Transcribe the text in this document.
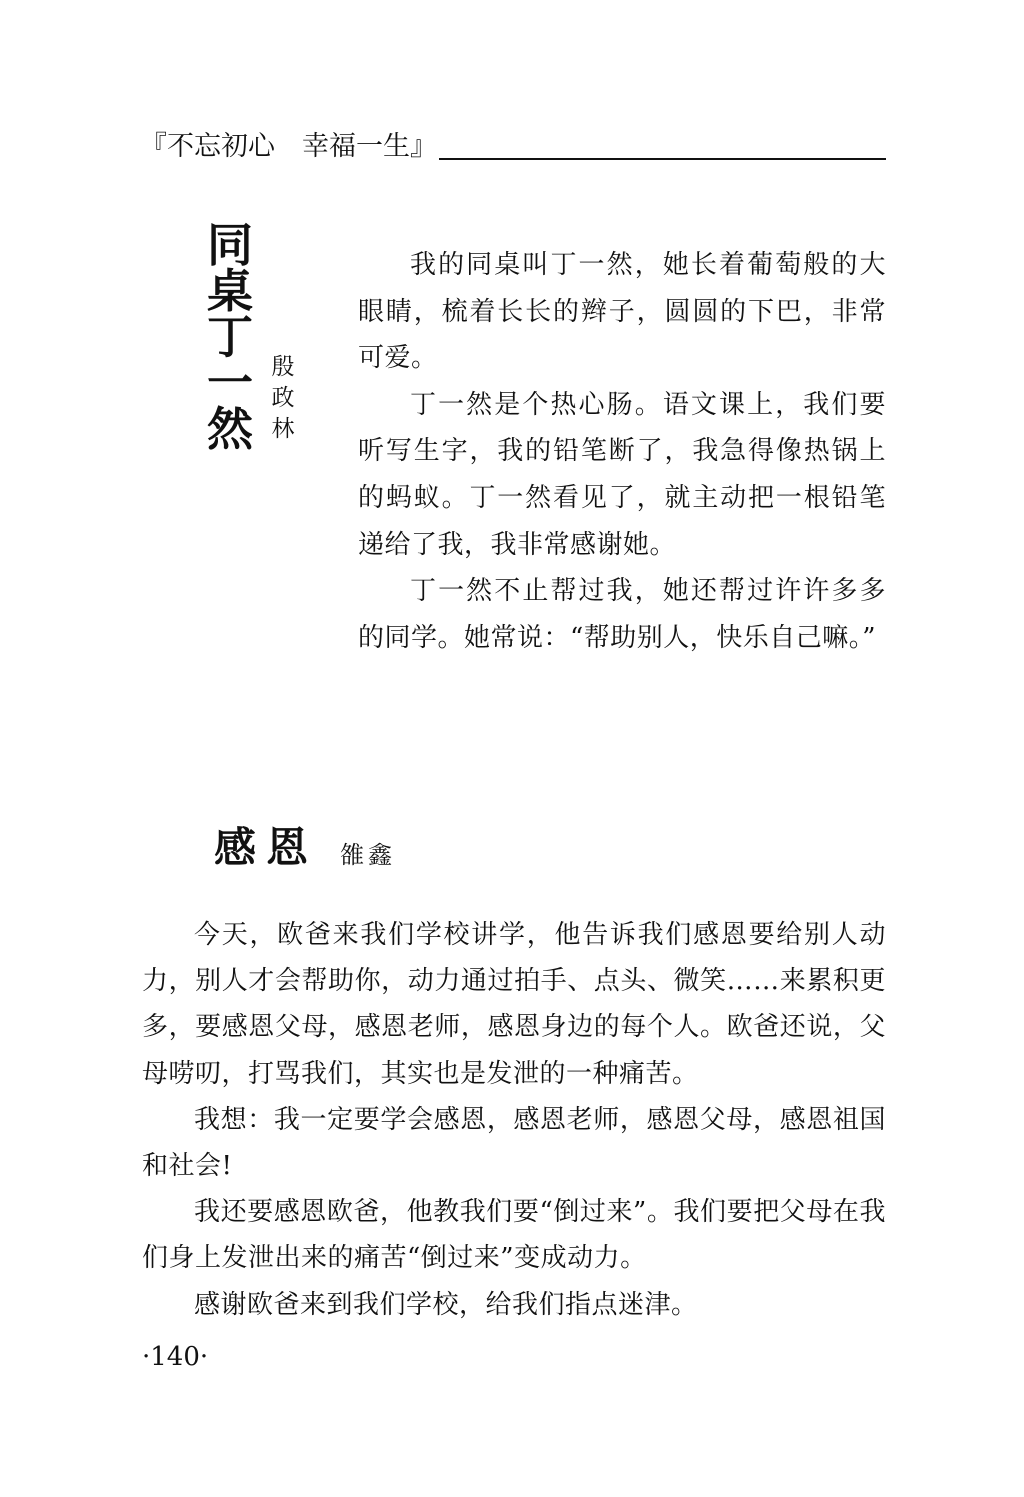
『不忘初心　幸福一生』
同
桌
丁
一
然
殷
政
林

我的同桌叫丁一然，她长着葡萄般的大眼睛，梳着长长的辫子，圆圆的下巴，非常可爱。

丁一然是个热心肠。语文课上，我们要听写生字，我的铅笔断了，我急得像热锅上的蚂蚁。丁一然看见了，就主动把一根铅笔递给了我，我非常感谢她。

丁一然不止帮过我，她还帮过许许多多的同学。她常说：“帮助别人，快乐自己嘛。”

感恩 雒鑫

今天，欧爸来我们学校讲学，他告诉我们感恩要给别人动力，别人才会帮助你，动力通过拍手、点头、微笑……来累积更多，要感恩父母，感恩老师，感恩身边的每个人。欧爸还说，父母唠叨，打骂我们，其实也是发泄的一种痛苦。

我想：我一定要学会感恩，感恩老师，感恩父母，感恩祖国和社会!

我还要感恩欧爸，他教我们要“倒过来”。我们要把父母在我们身上发泄出来的痛苦“倒过来”变成动力。

感谢欧爸来到我们学校，给我们指点迷津。

·140·
